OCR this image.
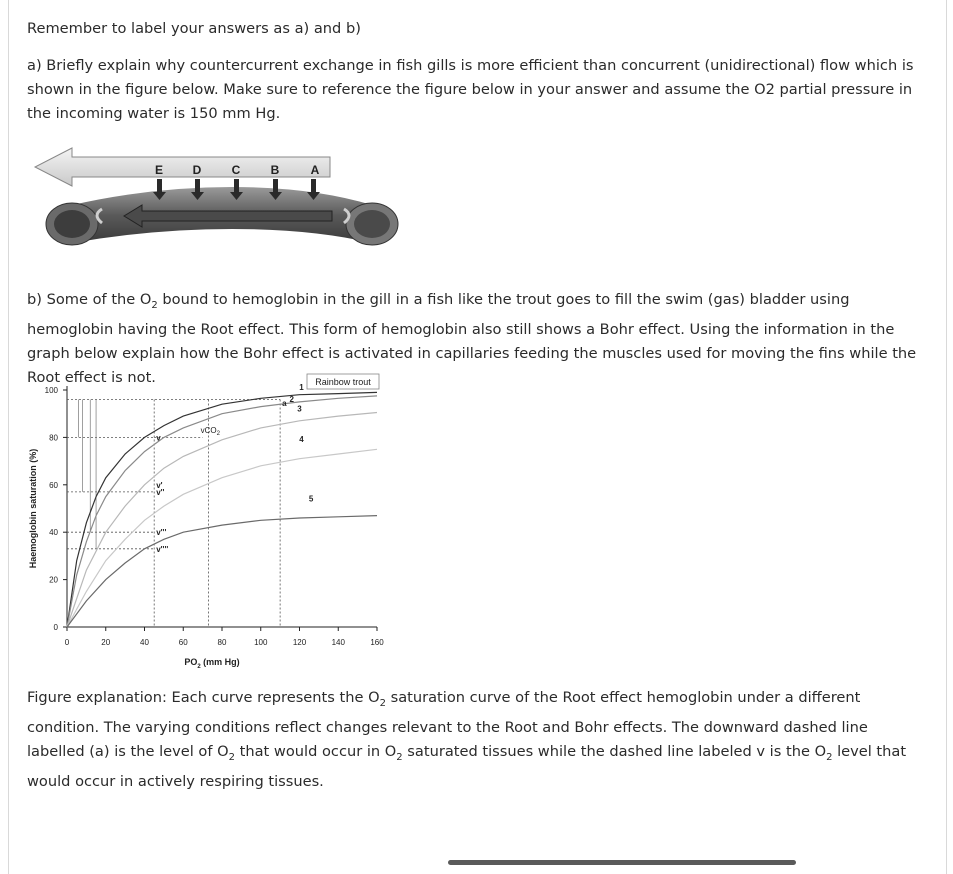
Remember to label your answers as a) and b)

a) Briefly explain why countercurrent exchange in fish gills is more efficient than concurrent (unidirectional) flow which is shown in the figure below. Make sure to reference the figure below in your answer and assume the O2 partial pressure in the incoming water is 150 mm Hg.

E D	C	B	A

b) Some of the $O_2$ bound to hemoglobin in the gill in a fish like the trout goes to fill the swim (gas) bladder using hemoglobin having the Root effect. This form of hemoglobin also still shows a Bohr effect. Using the information in the graph below explain how the Bohr effect is activated in capillaries feeding the muscles used for moving the fins while the Root effect is not.	Rainbow trout
0
20
40
60
80
100
0	20	40	60	80	100	120	140	160
$PO_2$ (mm Hg)
Haemoglobin saturation (%)
1
2
3
4
5
a
v
v'
v''
v'''
v''''
vCO$_2$

Figure explanation: Each curve represents the $O_2$ saturation curve of the Root effect hemoglobin under a different condition. The varying conditions reflect changes relevant to the Root and Bohr effects. The downward dashed line labelled (a) is the level of $O_2$ that would occur in $O_2$ saturated tissues while the dashed line labeled v is the $O_2$ level that would occur in actively respiring tissues.
